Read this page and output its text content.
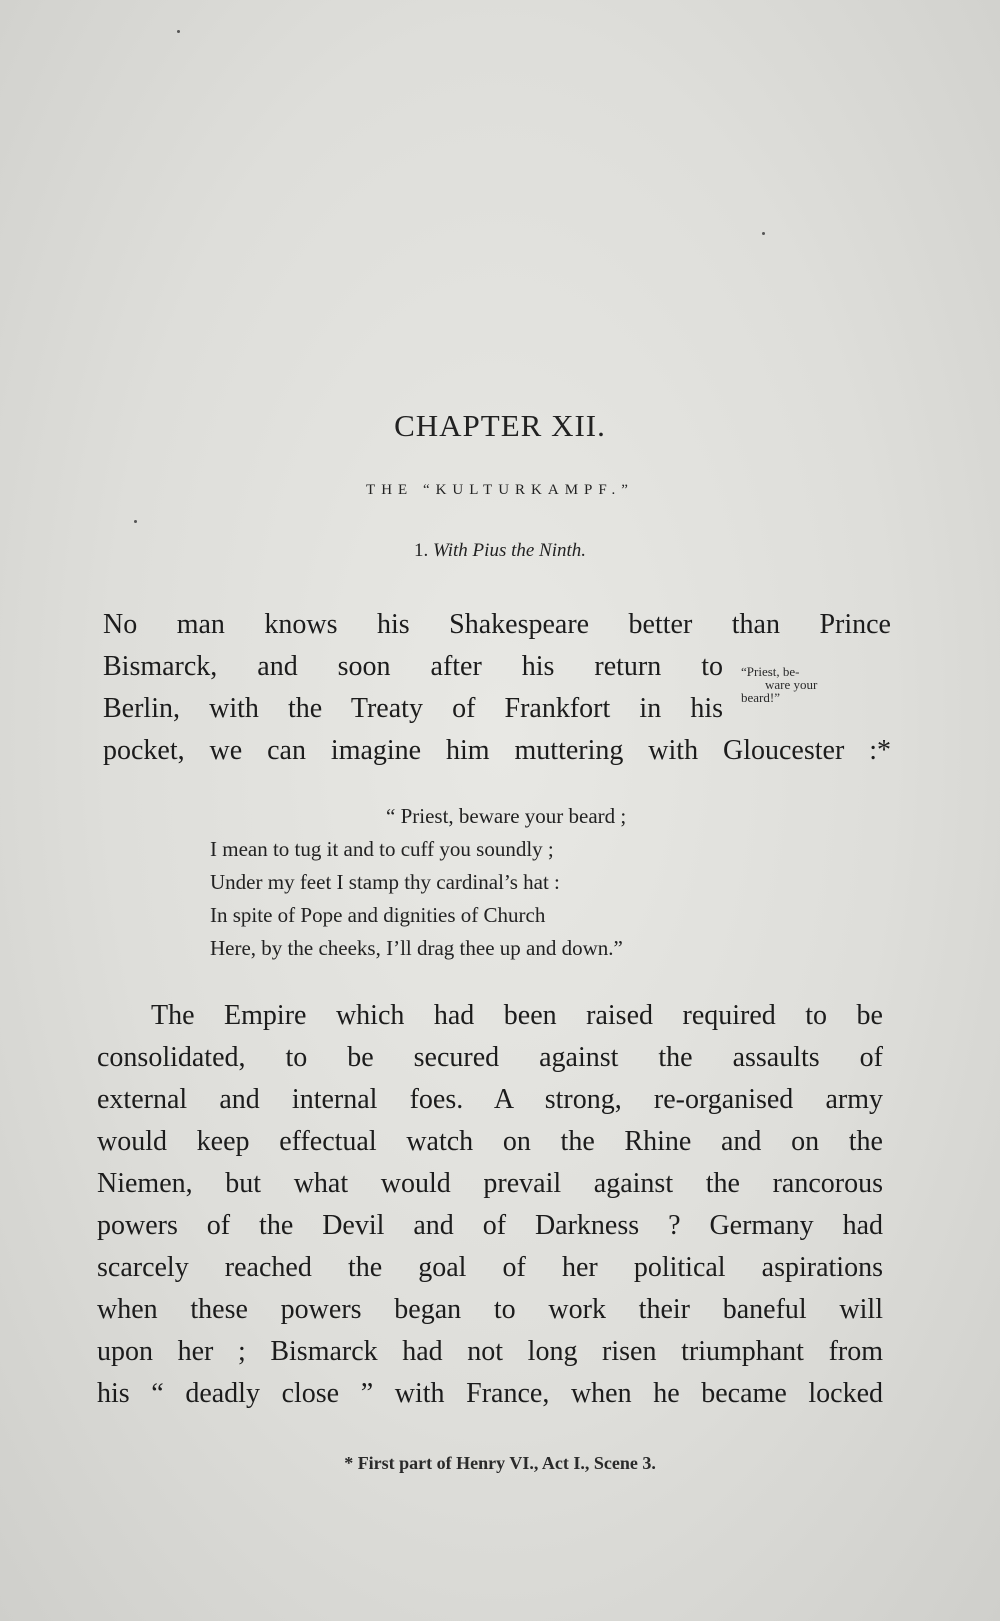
CHAPTER XII.
THE “KULTURKAMPF.”
1. With Pius the Ninth.
No man knows his Shakespeare better than Prince
Bismarck, and soon after his return to
Berlin, with the Treaty of Frankfort in his
pocket, we can imagine him muttering with Gloucester :*
“Priest, be-
ware your
beard!”
“ Priest, beware your beard ;
I mean to tug it and to cuff you soundly ;
Under my feet I stamp thy cardinal’s hat :
In spite of Pope and dignities of Church
Here, by the cheeks, I’ll drag thee up and down.”
The Empire which had been raised required to be
consolidated, to be secured against the assaults of
external and internal foes. A strong, re-organised army
would keep effectual watch on the Rhine and on the
Niemen, but what would prevail against the rancorous
powers of the Devil and of Darkness ? Germany had
scarcely reached the goal of her political aspirations
when these powers began to work their baneful will
upon her ; Bismarck had not long risen triumphant from
his “ deadly close ” with France, when he became locked
* First part of Henry VI., Act I., Scene 3.
